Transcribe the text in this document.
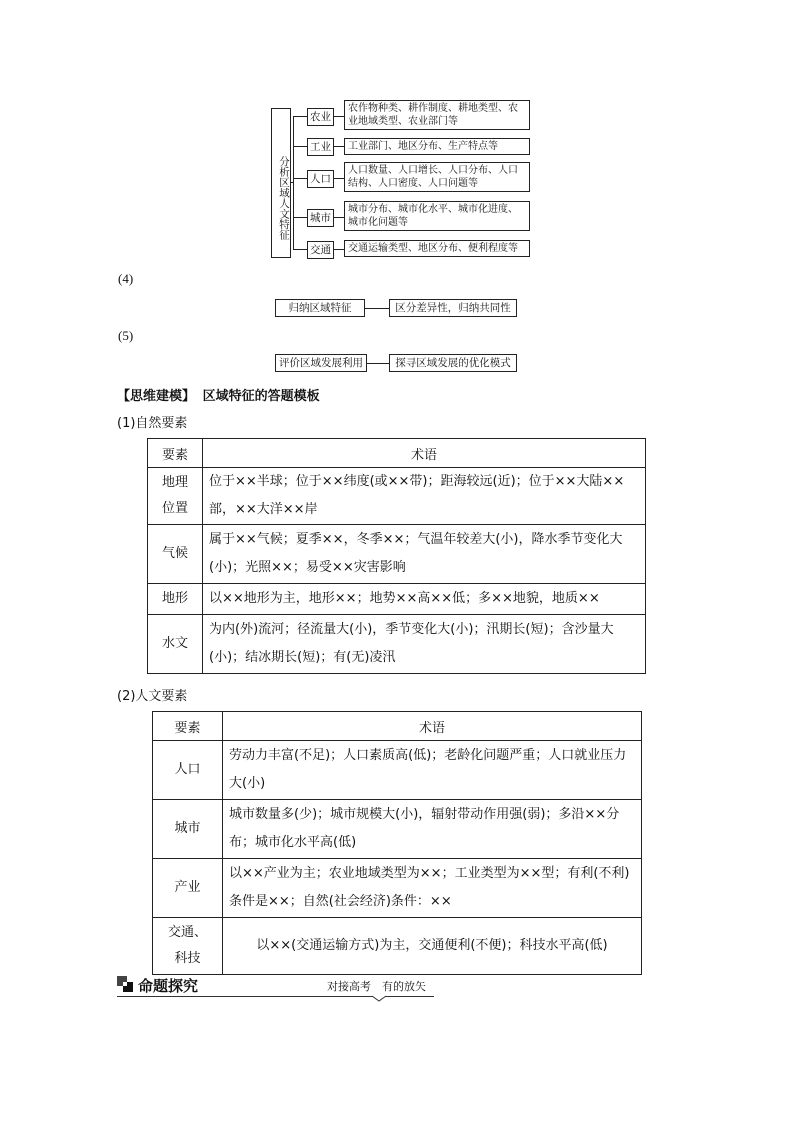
分析区域人文特征
农业
农作物种类、耕作制度、耕地类型、农业地域类型、农业部门等
工业	工业部门、地区分布、生产特点等
人口
人口数量、人口增长、人口分布、人口结构、人口密度、人口问题等
城市
城市分布、城市化水平、城市化进度、城市化问题等
交通	交通运输类型、地区分布、便利程度等
(4)
归纳区域特征	区分差异性，归纳共同性
(5)
评价区域发展利用	探寻区域发展的优化模式
【思维建模】 区域特征的答题模板
(1)自然要素
要素	术语
地理位置	位于××半球；位于××纬度(或××带)；距海较远(近)；位于××大陆××部，××大洋××岸
气候	属于××气候；夏季××，冬季××；气温年较差大(小)，降水季节变化大(小)；光照××；易受××灾害影响
地形	以××地形为主，地形××；地势××高××低；多××地貌，地质××
水文	为内(外)流河；径流量大(小)，季节变化大(小)；汛期长(短)；含沙量大(小)；结冰期长(短)；有(无)凌汛
(2)人文要素
要素	术语
人口	劳动力丰富(不足)；人口素质高(低)；老龄化问题严重；人口就业压力大(小)
城市	城市数量多(少)；城市规模大(小)，辐射带动作用强(弱)；多沿××分布；城市化水平高(低)
产业	以××产业为主；农业地域类型为××；工业类型为××型；有利(不利)条件是××；自然(社会经济)条件：××
交通、科技	以××(交通运输方式)为主，交通便利(不便)；科技水平高(低)
命题探究	对接高考　有的放矢
